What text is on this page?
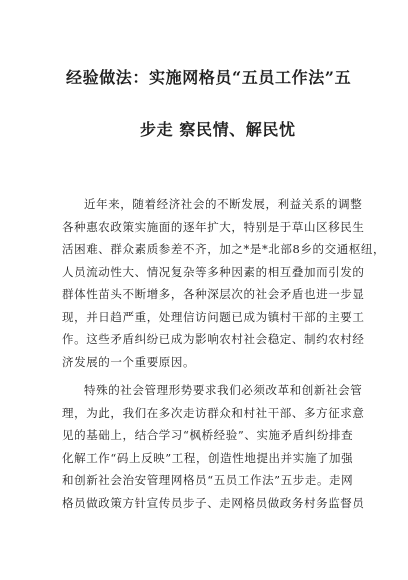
经验做法：实施网格员“五员工作法”五
步走 察民情、解民忧
近年来，随着经济社会的不断发展，利益关系的调整
各种惠农政策实施面的逐年扩大，特别是于草山区移民生
活困难、群众素质参差不齐，加之*是*北部8乡的交通枢纽，
人员流动性大、情况复杂等多种因素的相互叠加而引发的
群体性苗头不断增多，各种深层次的社会矛盾也进一步显
现，并日趋严重，处理信访问题已成为镇村干部的主要工
作。这些矛盾纠纷已成为影响农村社会稳定、制约农村经
济发展的一个重要原因。
特殊的社会管理形势要求我们必须改革和创新社会管
理，为此，我们在多次走访群众和村社干部、多方征求意
见的基础上，结合学习“枫桥经验”、实施矛盾纠纷排查
化解工作“码上反映”工程，创造性地提出并实施了加强
和创新社会治安管理网格员“五员工作法”五步走。走网
格员做政策方针宣传员步子、走网格员做政务村务监督员
